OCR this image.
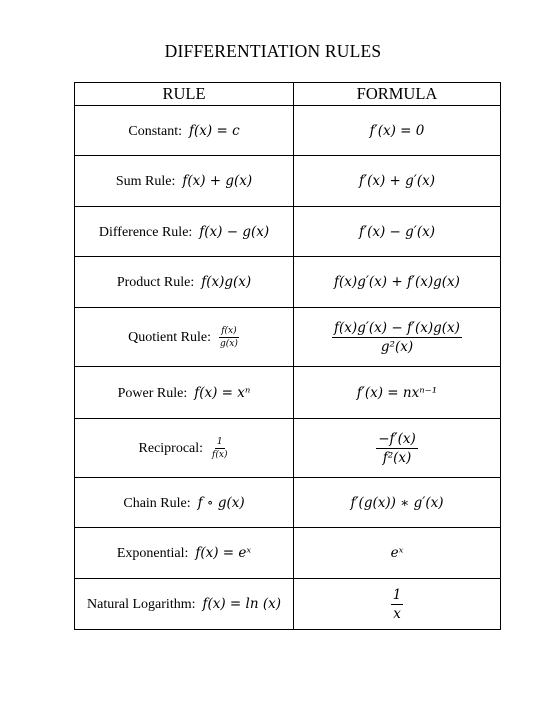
DIFFERENTIATION RULES
RULE	FORMULA
Constant: f(x) = c	f′(x) = 0
Sum Rule: f(x) + g(x)	f′(x) + g′(x)
Difference Rule: f(x) − g(x)	f′(x) − g′(x)
Product Rule: f(x)g(x)	f(x)g′(x) + f′(x)g(x)
Quotient Rule: $\frac{f(x)}{g(x)}$	$\frac{f(x)g'(x) - f'(x)g(x)}{\text{g²(x)}}$

Power Rule: f(x) = xⁿ	f′(x) = nxⁿ⁻¹
Reciprocal: $\frac{1}{f(x)}$	$\frac{-f'(x)}{\text{f²(x)}}$

Chain Rule: f ∘ g(x)	f′(g(x)) ∗ g′(x)
Exponential: f(x) = eˣ	eˣ
Natural Logarithm: f(x) = ln (x)	$\frac{1}{x}$
